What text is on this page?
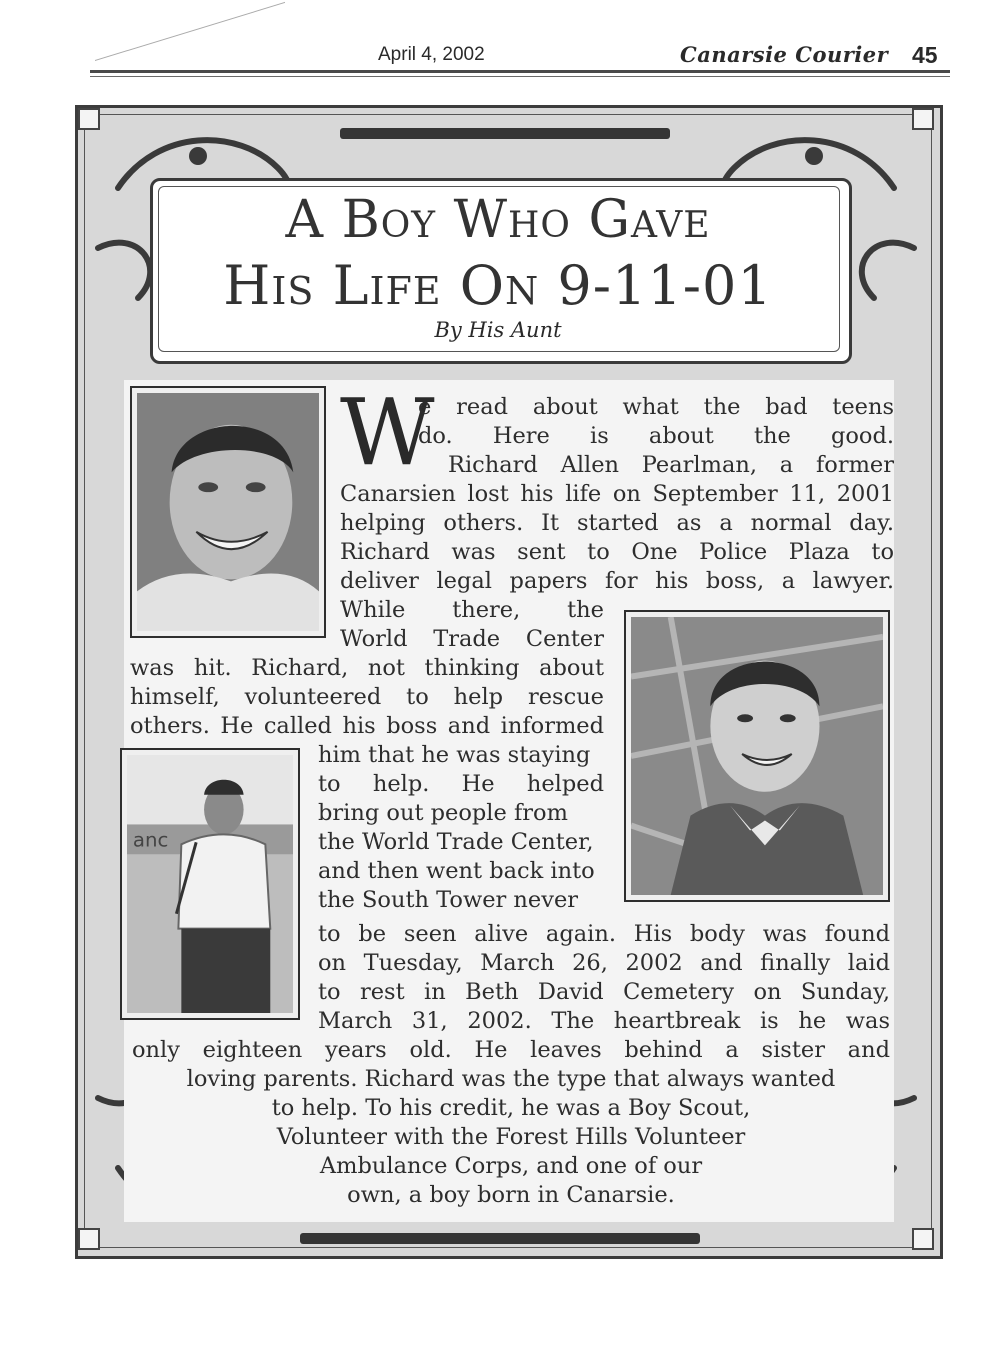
April 4, 2002	Canarsie Courier 45
A Boy Who Gave
His Life On 9-11-01
By His Aunt
anc
W
e read about what the bad teens
do. Here is about the good.
Richard Allen Pearlman, a former
Canarsien lost his life on September 11, 2001
helping others. It started as a normal day.
Richard was sent to One Police Plaza to
deliver legal papers for his boss, a lawyer.
While there, the
World Trade Center
was hit. Richard, not thinking about
himself, volunteered to help rescue
others. He called his boss and informed
him that he was staying
to help. He helped
bring out people from
the World Trade Center,
and then went back into
the South Tower never
to be seen alive again. His body was found
on Tuesday, March 26, 2002 and finally laid
to rest in Beth David Cemetery on Sunday,
March 31, 2002. The heartbreak is he was
only eighteen years old. He leaves behind a sister and
loving parents. Richard was the type that always wanted
to help. To his credit, he was a Boy Scout,
Volunteer with the Forest Hills Volunteer
Ambulance Corps, and one of our
own, a boy born in Canarsie.
